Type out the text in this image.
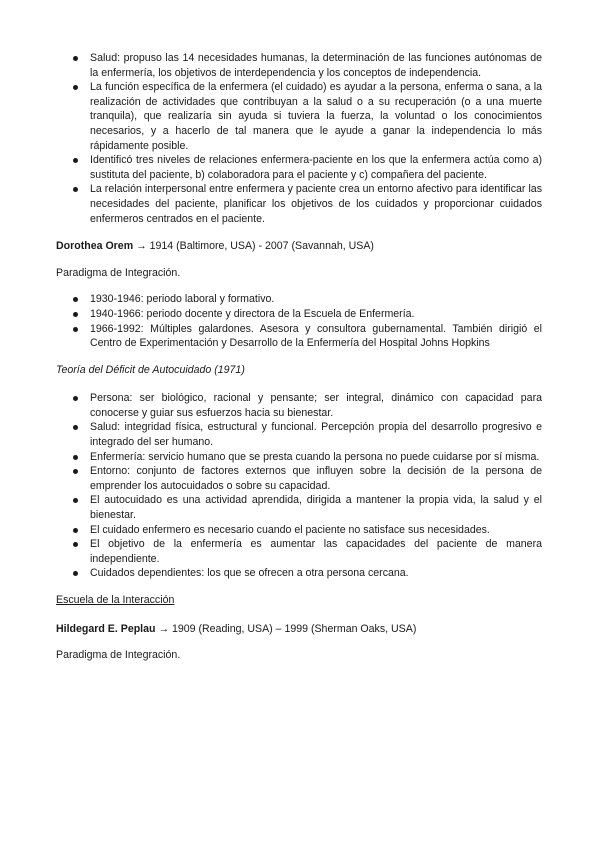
Salud: propuso las 14 necesidades humanas, la determinación de las funciones autónomas de la enfermería, los objetivos de interdependencia y los conceptos de independencia.
La función específica de la enfermera (el cuidado) es ayudar a la persona, enferma o sana, a la realización de actividades que contribuyan a la salud o a su recuperación (o a una muerte tranquila), que realizaría sin ayuda si tuviera la fuerza, la voluntad o los conocimientos necesarios, y a hacerlo de tal manera que le ayude a ganar la independencia lo más rápidamente posible.
Identificó tres niveles de relaciones enfermera-paciente en los que la enfermera actúa como a) sustituta del paciente, b) colaboradora para el paciente y c) compañera del paciente.
La relación interpersonal entre enfermera y paciente crea un entorno afectivo para identificar las necesidades del paciente, planificar los objetivos de los cuidados y proporcionar cuidados enfermeros centrados en el paciente.

Dorothea Orem → 1914 (Baltimore, USA) - 2007 (Savannah, USA)

Paradigma de Integración.

1930-1946: periodo laboral y formativo.
1940-1966: periodo docente y directora de la Escuela de Enfermería.
1966-1992: Múltiples galardones. Asesora y consultora gubernamental. También dirigió el Centro de Experimentación y Desarrollo de la Enfermería del Hospital Johns Hopkins

Teoría del Déficit de Autocuidado (1971)

Persona: ser biológico, racional y pensante; ser integral, dinámico con capacidad para conocerse y guiar sus esfuerzos hacia su bienestar.
Salud: integridad física, estructural y funcional. Percepción propia del desarrollo progresivo e integrado del ser humano.
Enfermería: servicio humano que se presta cuando la persona no puede cuidarse por sí misma.
Entorno: conjunto de factores externos que influyen sobre la decisión de la persona de emprender los autocuidados o sobre su capacidad.
El autocuidado es una actividad aprendida, dirigida a mantener la propia vida, la salud y el bienestar.
El cuidado enfermero es necesario cuando el paciente no satisface sus necesidades.
El objetivo de la enfermería es aumentar las capacidades del paciente de manera independiente.
Cuidados dependientes: los que se ofrecen a otra persona cercana.

Escuela de la Interacción

Hildegard E. Peplau → 1909 (Reading, USA) – 1999 (Sherman Oaks, USA)

Paradigma de Integración.
